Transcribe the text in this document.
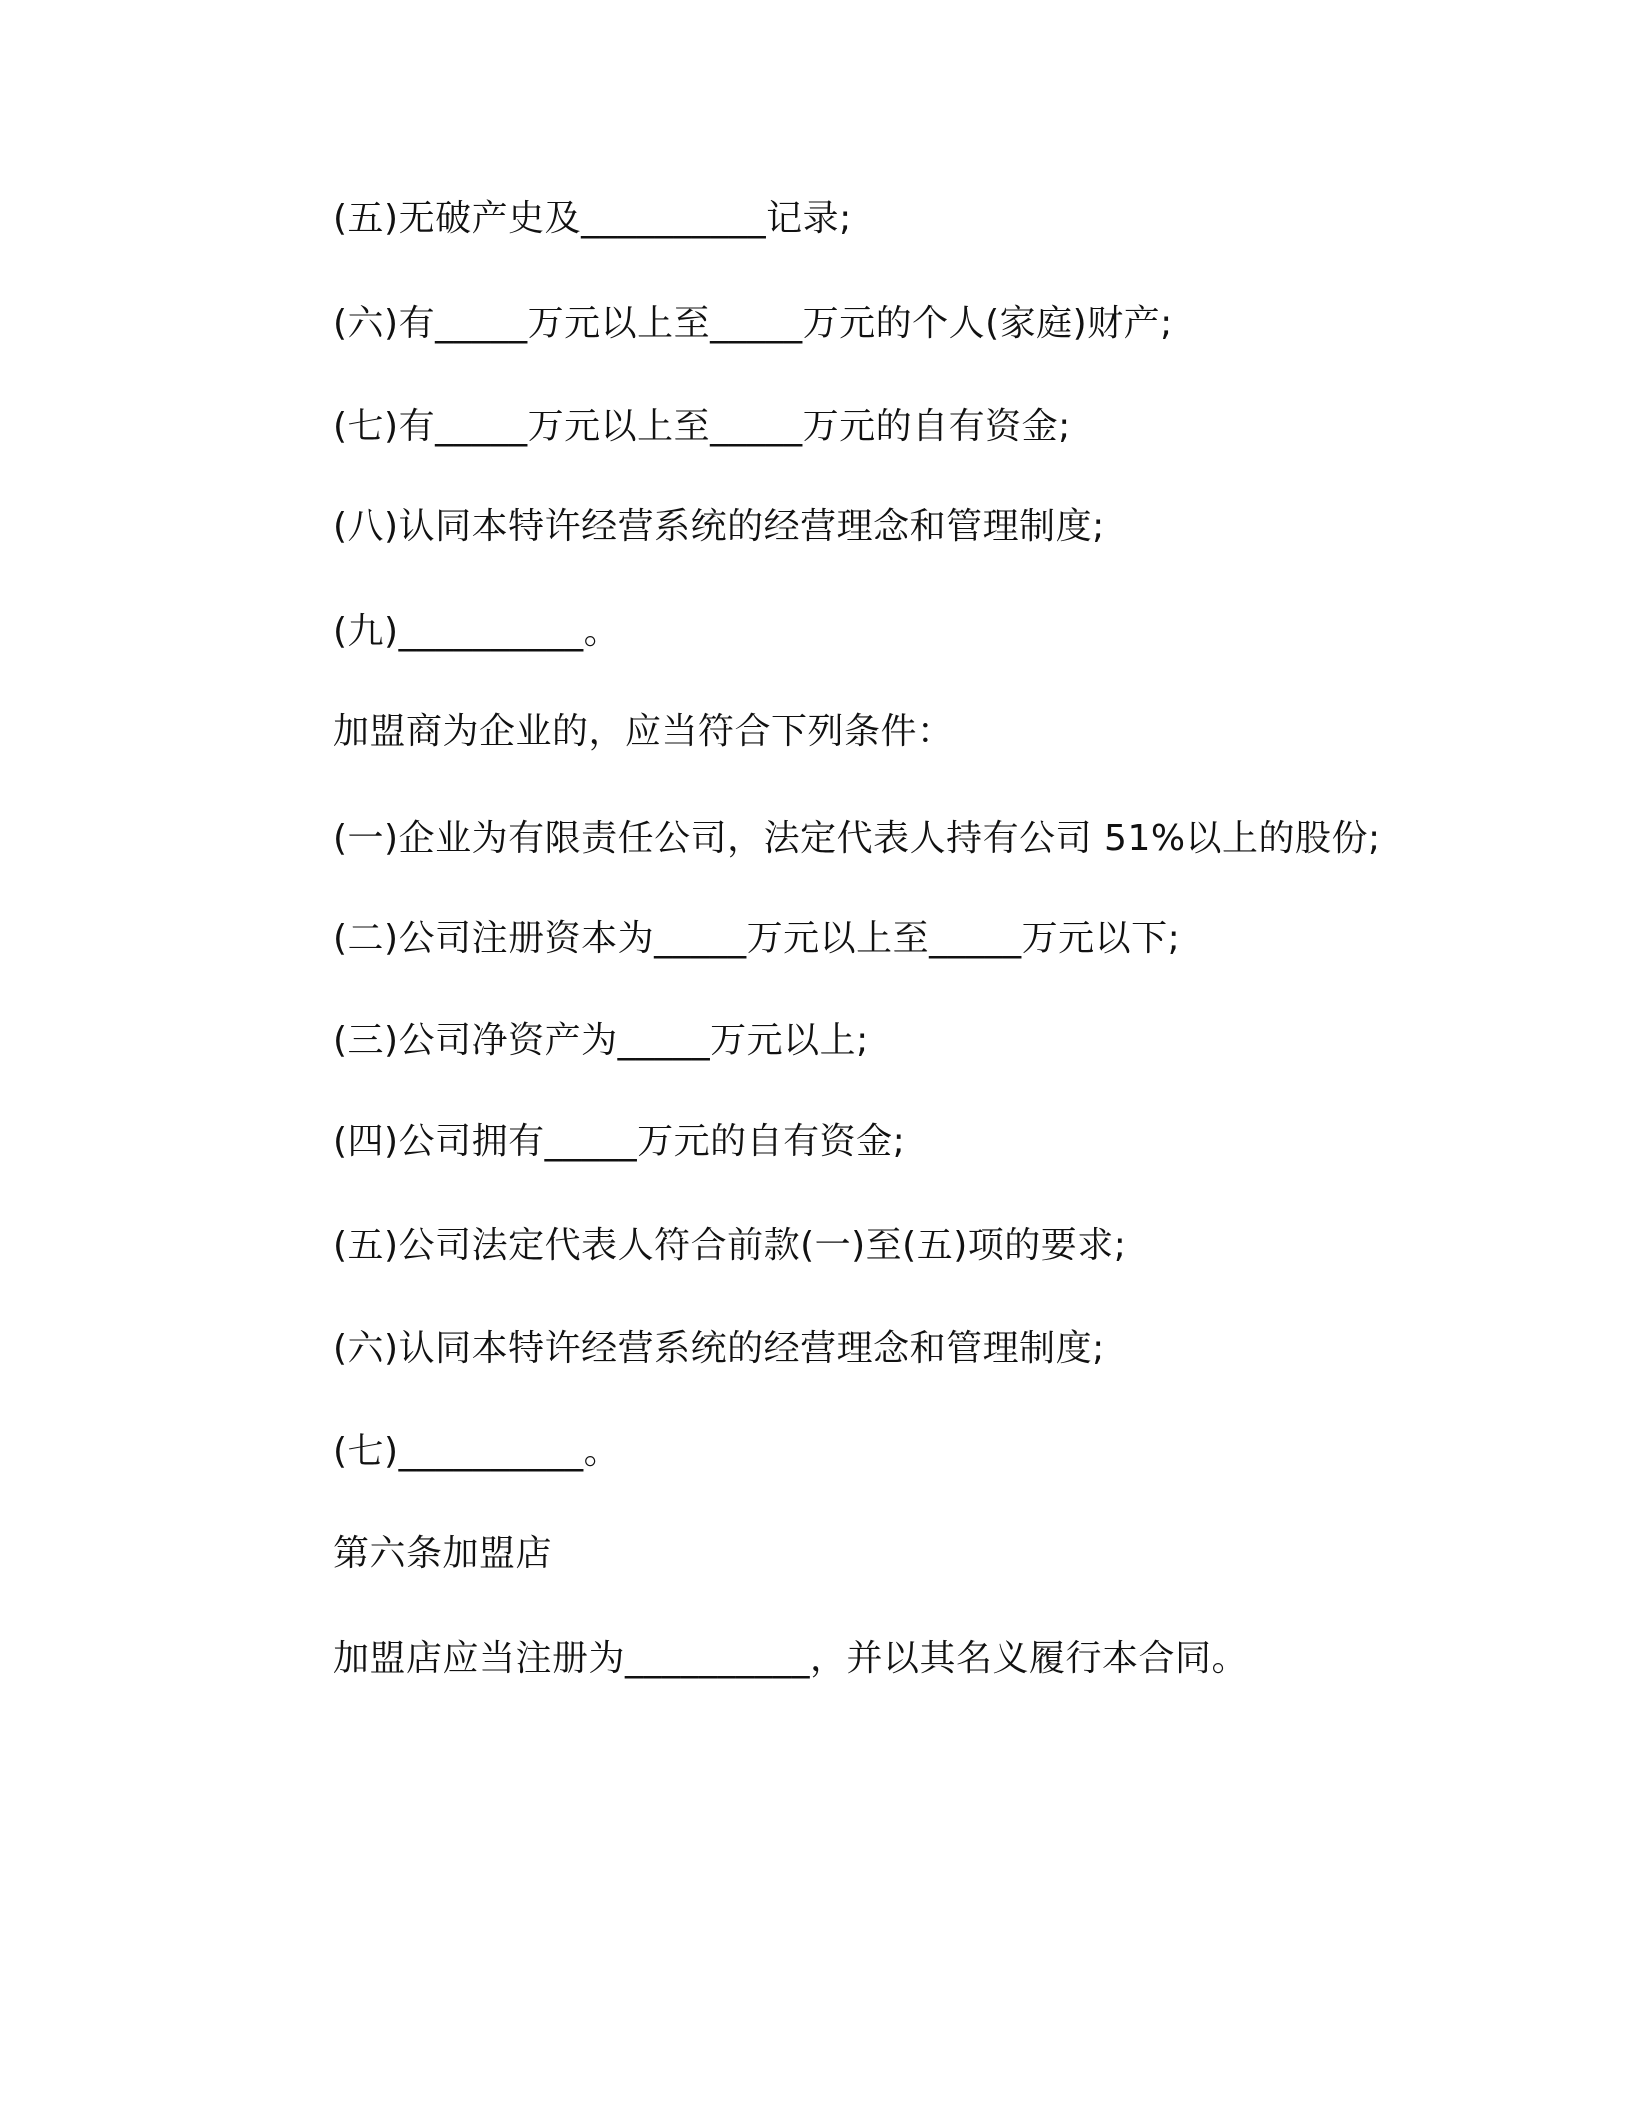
(五)无破产史及__________记录;
(六)有_____万元以上至_____万元的个人(家庭)财产;
(七)有_____万元以上至_____万元的自有资金;
(八)认同本特许经营系统的经营理念和管理制度;
(九)__________。
加盟商为企业的，应当符合下列条件：
(一)企业为有限责任公司，法定代表人持有公司 51%以上的股份;
(二)公司注册资本为_____万元以上至_____万元以下;
(三)公司净资产为_____万元以上;
(四)公司拥有_____万元的自有资金;
(五)公司法定代表人符合前款(一)至(五)项的要求;
(六)认同本特许经营系统的经营理念和管理制度;
(七)__________。
第六条加盟店
加盟店应当注册为__________，并以其名义履行本合同。
